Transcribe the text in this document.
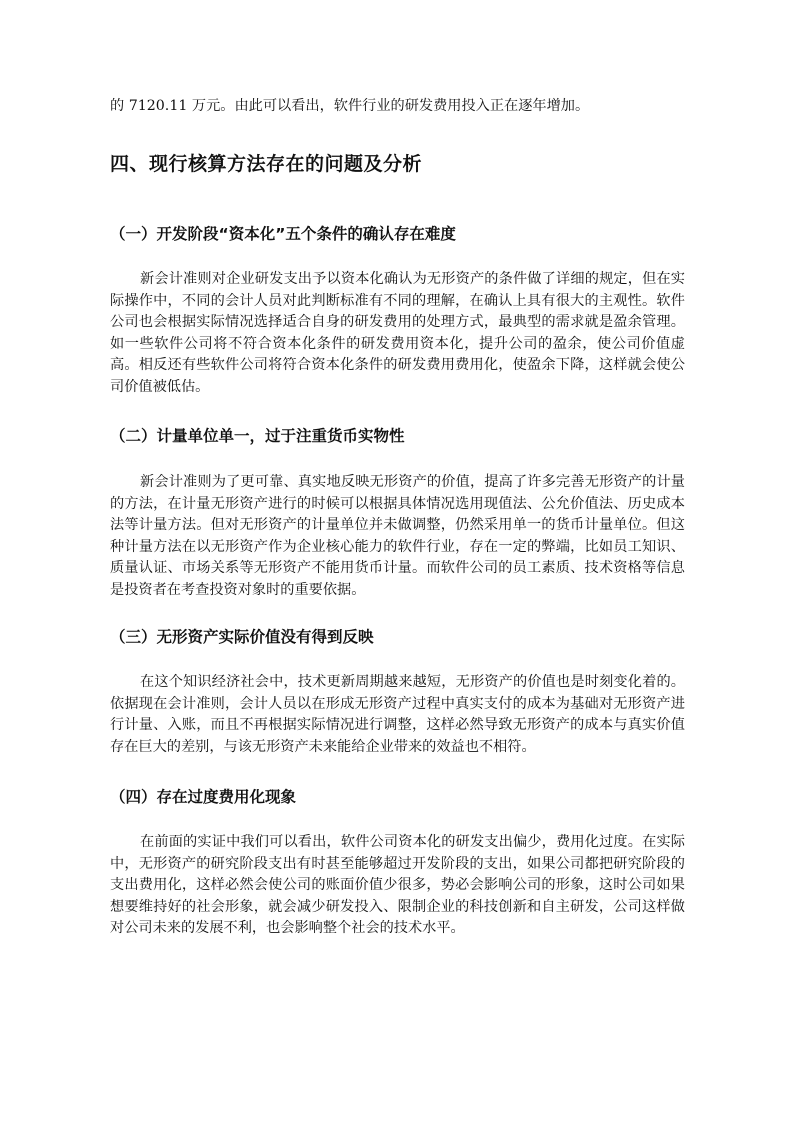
的 7120.11 万元。由此可以看出，软件行业的研发费用投入正在逐年增加。

四、现行核算方法存在的问题及分析
（一）开发阶段“资本化”五个条件的确认存在难度

新会计准则对企业研发支出予以资本化确认为无形资产的条件做了详细的规定，但在实际操作中，不同的会计人员对此判断标准有不同的理解，在确认上具有很大的主观性。软件公司也会根据实际情况选择适合自身的研发费用的处理方式，最典型的需求就是盈余管理。如一些软件公司将不符合资本化条件的研发费用资本化，提升公司的盈余，使公司价值虚高。相反还有些软件公司将符合资本化条件的研发费用费用化，使盈余下降，这样就会使公司价值被低估。

（二）计量单位单一，过于注重货币实物性

新会计准则为了更可靠、真实地反映无形资产的价值，提高了许多完善无形资产的计量的方法，在计量无形资产进行的时候可以根据具体情况选用现值法、公允价值法、历史成本法等计量方法。但对无形资产的计量单位并未做调整，仍然采用单一的货币计量单位。但这种计量方法在以无形资产作为企业核心能力的软件行业，存在一定的弊端，比如员工知识、质量认证、市场关系等无形资产不能用货币计量。而软件公司的员工素质、技术资格等信息是投资者在考查投资对象时的重要依据。

（三）无形资产实际价值没有得到反映

在这个知识经济社会中，技术更新周期越来越短，无形资产的价值也是时刻变化着的。依据现在会计准则，会计人员以在形成无形资产过程中真实支付的成本为基础对无形资产进行计量、入账，而且不再根据实际情况进行调整，这样必然导致无形资产的成本与真实价值存在巨大的差别，与该无形资产未来能给企业带来的效益也不相符。

（四）存在过度费用化现象

在前面的实证中我们可以看出，软件公司资本化的研发支出偏少，费用化过度。在实际中，无形资产的研究阶段支出有时甚至能够超过开发阶段的支出，如果公司都把研究阶段的支出费用化，这样必然会使公司的账面价值少很多，势必会影响公司的形象，这时公司如果想要维持好的社会形象，就会减少研发投入、限制企业的科技创新和自主研发，公司这样做对公司未来的发展不利，也会影响整个社会的技术水平。
